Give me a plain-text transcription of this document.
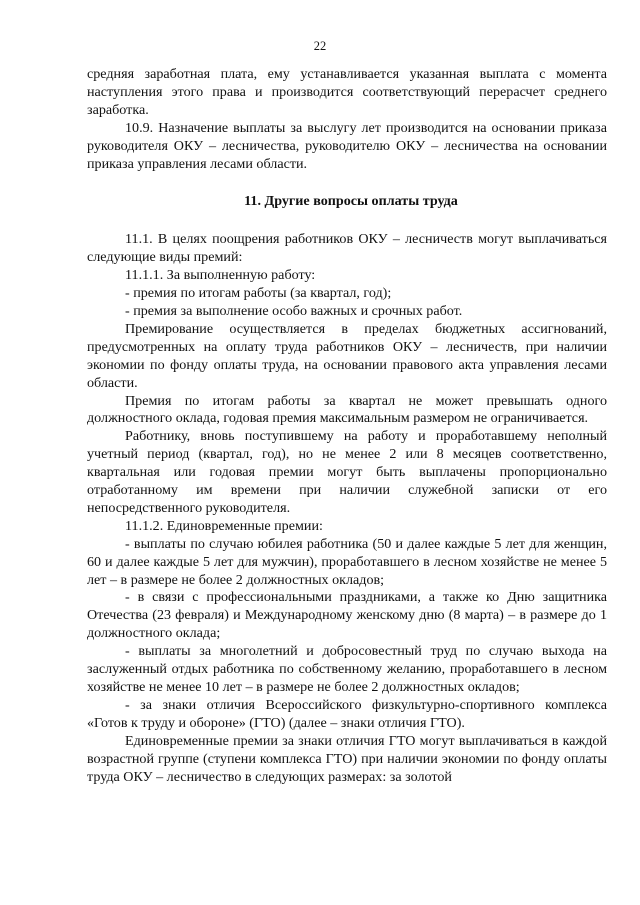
22

средняя заработная плата, ему устанавливается указанная выплата с момента наступления этого права и производится соответствующий перерасчет среднего заработка.

10.9. Назначение выплаты за выслугу лет производится на основании приказа руководителя ОКУ – лесничества, руководителю ОКУ – лесничества на основании приказа управления лесами области.

11. Другие вопросы оплаты труда

11.1. В целях поощрения работников ОКУ – лесничеств могут выплачиваться следующие виды премий:

11.1.1. За выполненную работу:

- премия по итогам работы (за квартал, год);

- премия за выполнение особо важных и срочных работ.

Премирование осуществляется в пределах бюджетных ассигнований, предусмотренных на оплату труда работников ОКУ – лесничеств, при наличии экономии по фонду оплаты труда, на основании правового акта управления лесами области.

Премия по итогам работы за квартал не может превышать одного должностного оклада, годовая премия максимальным размером не ограничивается.

Работнику, вновь поступившему на работу и проработавшему неполный учетный период (квартал, год), но не менее 2 или 8 месяцев соответственно, квартальная или годовая премии могут быть выплачены пропорционально отработанному им времени при наличии служебной записки от его непосредственного руководителя.

11.1.2. Единовременные премии:

- выплаты по случаю юбилея работника (50 и далее каждые 5 лет для женщин, 60 и далее каждые 5 лет для мужчин), проработавшего в лесном хозяйстве не менее 5 лет – в размере не более 2 должностных окладов;

- в связи с профессиональными праздниками, а также ко Дню защитника Отечества (23 февраля) и Международному женскому дню (8 марта) – в размере до 1 должностного оклада;

- выплаты за многолетний и добросовестный труд по случаю выхода на заслуженный отдых работника по собственному желанию, проработавшего в лесном хозяйстве не менее 10 лет – в размере не более 2 должностных окладов;

- за знаки отличия Всероссийского физкультурно-спортивного комплекса «Готов к труду и обороне» (ГТО) (далее – знаки отличия ГТО).

Единовременные премии за знаки отличия ГТО могут выплачиваться в каждой возрастной группе (ступени комплекса ГТО) при наличии экономии по фонду оплаты труда ОКУ – лесничество в следующих размерах: за золотой
